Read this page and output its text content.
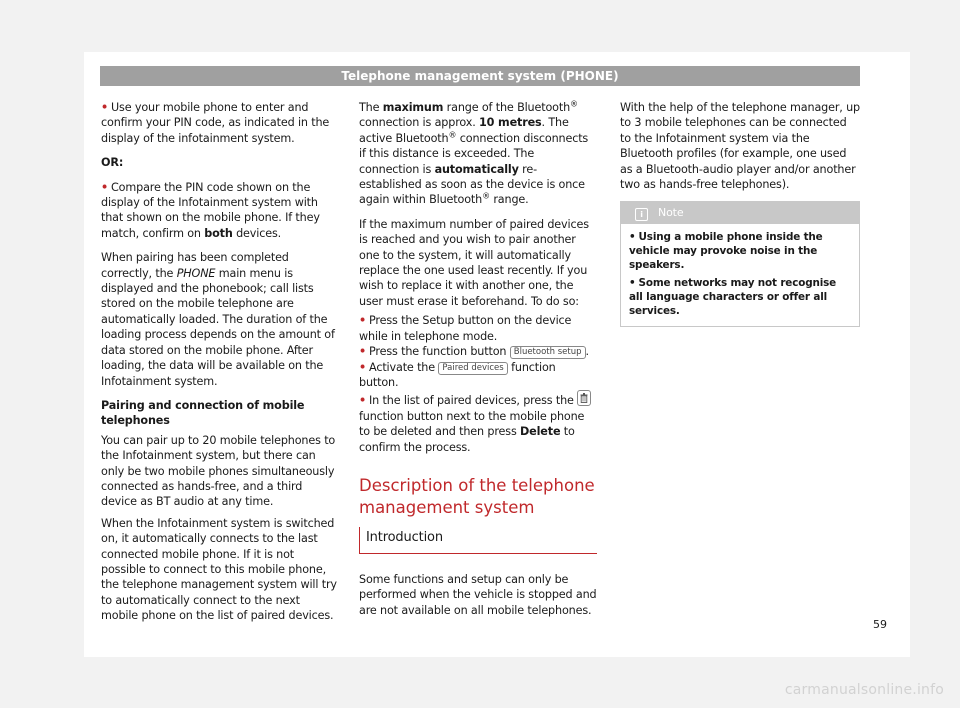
Telephone management system (PHONE)

• Use your mobile phone to enter and confirm your PIN code, as indicated in the display of the infotainment system.

OR:

• Compare the PIN code shown on the display of the Infotainment system with that shown on the mobile phone. If they match, confirm on both devices.

When pairing has been completed correctly, the PHONE main menu is displayed and the phonebook; call lists stored on the mobile telephone are automatically loaded. The duration of the loading process depends on the amount of data stored on the mobile phone. After loading, the data will be available on the Infotainment system.

Pairing and connection of mobile telephones

You can pair up to 20 mobile telephones to the Infotainment system, but there can only be two mobile phones simultaneously connected as hands-free, and a third device as BT audio at any time.

When the Infotainment system is switched on, it automatically connects to the last connected mobile phone. If it is not possible to connect to this mobile phone, the telephone management system will try to automatically connect to the next mobile phone on the list of paired devices.

The maximum range of the Bluetooth® connection is approx. 10 metres. The active Bluetooth® connection disconnects if this distance is exceeded. The connection is automatically re-established as soon as the device is once again within Bluetooth® range.

If the maximum number of paired devices is reached and you wish to pair another one to the system, it will automatically replace the one used least recently. If you wish to replace it with another one, the user must erase it beforehand. To do so:

• Press the Setup button on the device while in telephone mode.

• Press the function button Bluetooth setup .

• Activate the Paired devices function button.

• In the list of paired devices, press the
function button next to the mobile phone to be deleted and then press Delete to confirm the process.

Description of the telephone management system
Introduction

Some functions and setup can only be performed when the vehicle is stopped and are not available on all mobile telephones.

With the help of the telephone manager, up to 3 mobile telephones can be connected to the Infotainment system via the Bluetooth profiles (for example, one used as a Bluetooth-audio player and/or another two as hands-free telephones).

i Note

• Using a mobile phone inside the vehicle may provoke noise in the speakers.

• Some networks may not recognise all language characters or offer all services.

59
carmanualsonline.info
